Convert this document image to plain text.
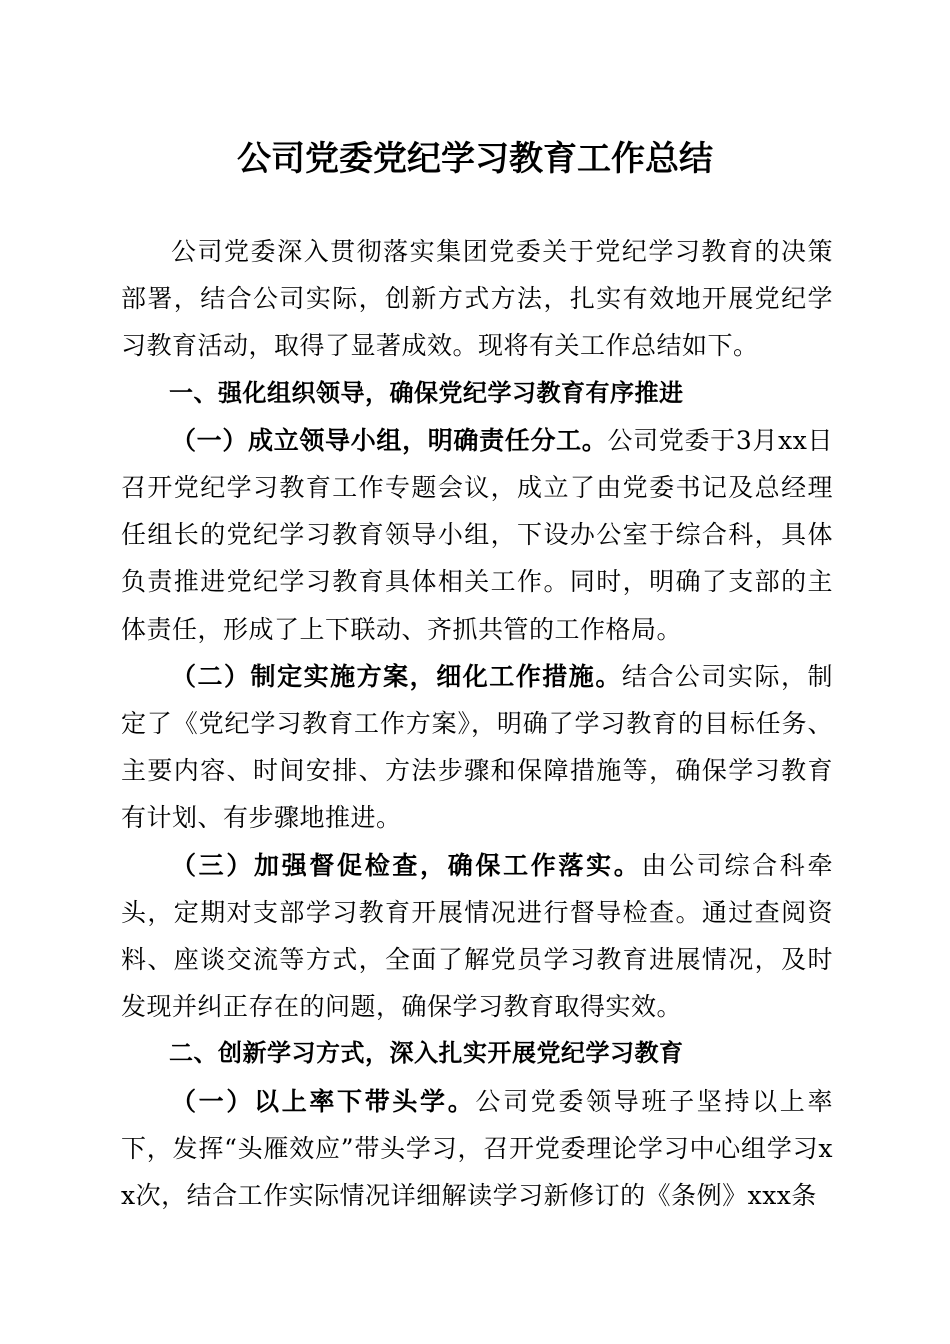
公司党委党纪学习教育工作总结

公司党委深入贯彻落实集团党委关于党纪学习教育的决策部署，结合公司实际，创新方式方法，扎实有效地开展党纪学习教育活动，取得了显著成效。现将有关工作总结如下。

一、强化组织领导，确保党纪学习教育有序推进

（一）成立领导小组，明确责任分工。公司党委于3月xx日召开党纪学习教育工作专题会议，成立了由党委书记及总经理任组长的党纪学习教育领导小组，下设办公室于综合科，具体负责推进党纪学习教育具体相关工作。同时，明确了支部的主体责任，形成了上下联动、齐抓共管的工作格局。

（二）制定实施方案，细化工作措施。结合公司实际，制定了《党纪学习教育工作方案》，明确了学习教育的目标任务、主要内容、时间安排、方法步骤和保障措施等，确保学习教育有计划、有步骤地推进。

（三）加强督促检查，确保工作落实。由公司综合科牵头，定期对支部学习教育开展情况进行督导检查。通过查阅资料、座谈交流等方式，全面了解党员学习教育进展情况，及时发现并纠正存在的问题，确保学习教育取得实效。

二、创新学习方式，深入扎实开展党纪学习教育

（一）以上率下带头学。公司党委领导班子坚持以上率下，发挥“头雁效应”带头学习，召开党委理论学习中心组学习xx次，结合工作实际情况详细解读学习新修订的《条例》xxx条
